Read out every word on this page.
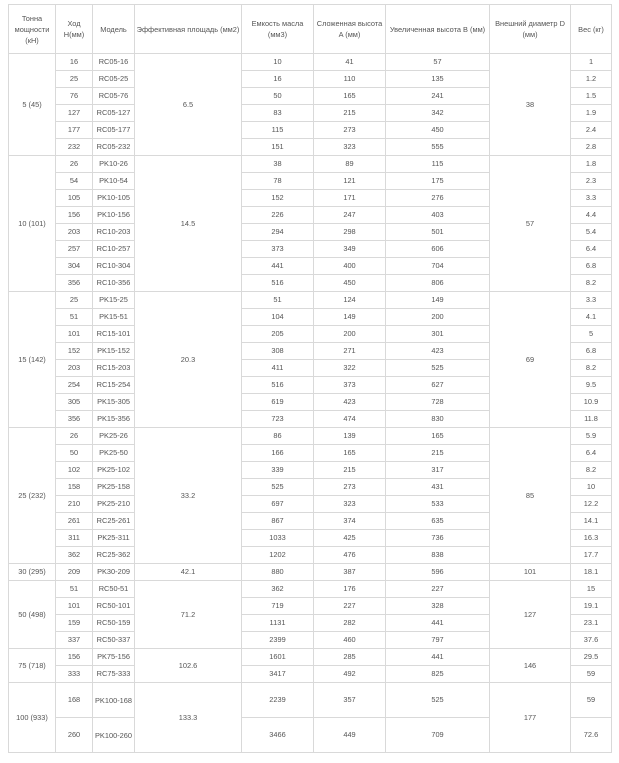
Тонна мощности (кН)	Ход H(мм)	Модель	Эффективная площадь (мм2)	Емкость масла (мм3)	Сложенная высота A (мм)	Увеличенная высота B (мм)	Внешний диаметр D (мм)	Вес (кг)
5 (45)	16	RC05-16	6.5	10	41	57	38	1
	25	RC05-25		16	110	135		1.2
	76	RC05-76		50	165	241		1.5
	127	RC05-127		83	215	342		1.9
	177	RC05-177		115	273	450		2.4
	232	RC05-232		151	323	555		2.8
10 (101)	26	PK10-26	14.5	38	89	115	57	1.8
	54	PK10-54		78	121	175		2.3
	105	PK10-105		152	171	276		3.3
	156	PK10-156		226	247	403		4.4
	203	RC10-203		294	298	501		5.4
	257	RC10-257		373	349	606		6.4
	304	RC10-304		441	400	704		6.8
	356	RC10-356		516	450	806		8.2
15 (142)	25	PK15-25	20.3	51	124	149	69	3.3
	51	PK15-51		104	149	200		4.1
	101	RC15-101		205	200	301		5
	152	PK15-152		308	271	423		6.8
	203	RC15-203		411	322	525		8.2
	254	RC15-254		516	373	627		9.5
	305	PK15-305		619	423	728		10.9
	356	PK15-356		723	474	830		11.8
25 (232)	26	PK25-26	33.2	86	139	165	85	5.9
	50	PK25-50		166	165	215		6.4
	102	PK25-102		339	215	317		8.2
	158	PK25-158		525	273	431		10
	210	PK25-210		697	323	533		12.2
	261	RC25-261		867	374	635		14.1
	311	PK25-311		1033	425	736		16.3
	362	RC25-362		1202	476	838		17.7
30 (295)	209	PK30-209	42.1	880	387	596	101	18.1
50 (498)	51	RC50-51	71.2	362	176	227	127	15
	101	RC50-101		719	227	328		19.1
	159	RC50-159		1131	282	441		23.1
	337	RC50-337		2399	460	797		37.6
75 (718)	156	PK75-156	102.6	1601	285	441	146	29.5
	333	RC75-333		3417	492	825		59
100 (933)	168	PK100-168	133.3	2239	357	525	177	59
	260	PK100-260		3466	449	709		72.6
